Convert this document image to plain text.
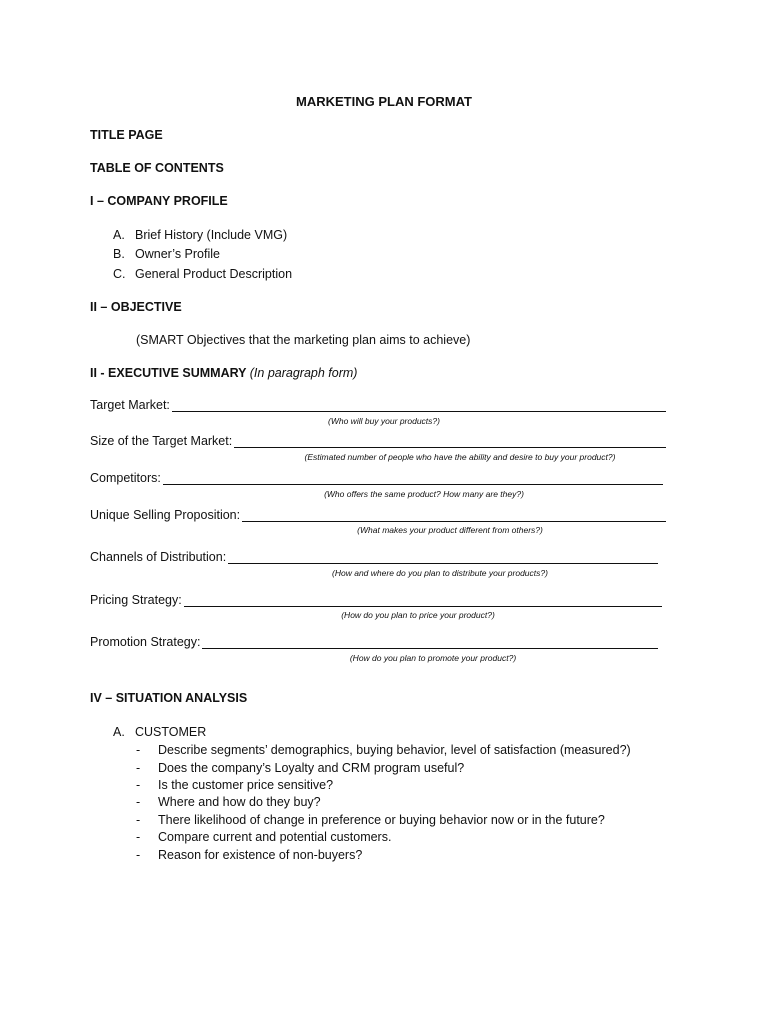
MARKETING PLAN FORMAT
TITLE PAGE
TABLE OF CONTENTS
I – COMPANY PROFILE
A. Brief History (Include VMG)
B. Owner’s Profile
C. General Product Description
II – OBJECTIVE
(SMART Objectives that the marketing plan aims to achieve)
II - EXECUTIVE SUMMARY (In paragraph form)
Target Market:
(Who will buy your products?)
Size of the Target Market:
(Estimated number of people who have the ability and desire to buy your product?)
Competitors:
(Who offers the same product? How many are they?)
Unique Selling Proposition:
(What makes your product different from others?)
Channels of Distribution:
(How and where do you plan to distribute your products?)
Pricing Strategy:
(How do you plan to price your product?)
Promotion Strategy:
(How do you plan to promote your product?)
IV – SITUATION ANALYSIS
A. CUSTOMER
- Describe segments’ demographics, buying behavior, level of satisfaction (measured?)
- Does the company’s Loyalty and CRM program useful?
- Is the customer price sensitive?
- Where and how do they buy?
- There likelihood of change in preference or buying behavior now or in the future?
- Compare current and potential customers.
- Reason for existence of non-buyers?
